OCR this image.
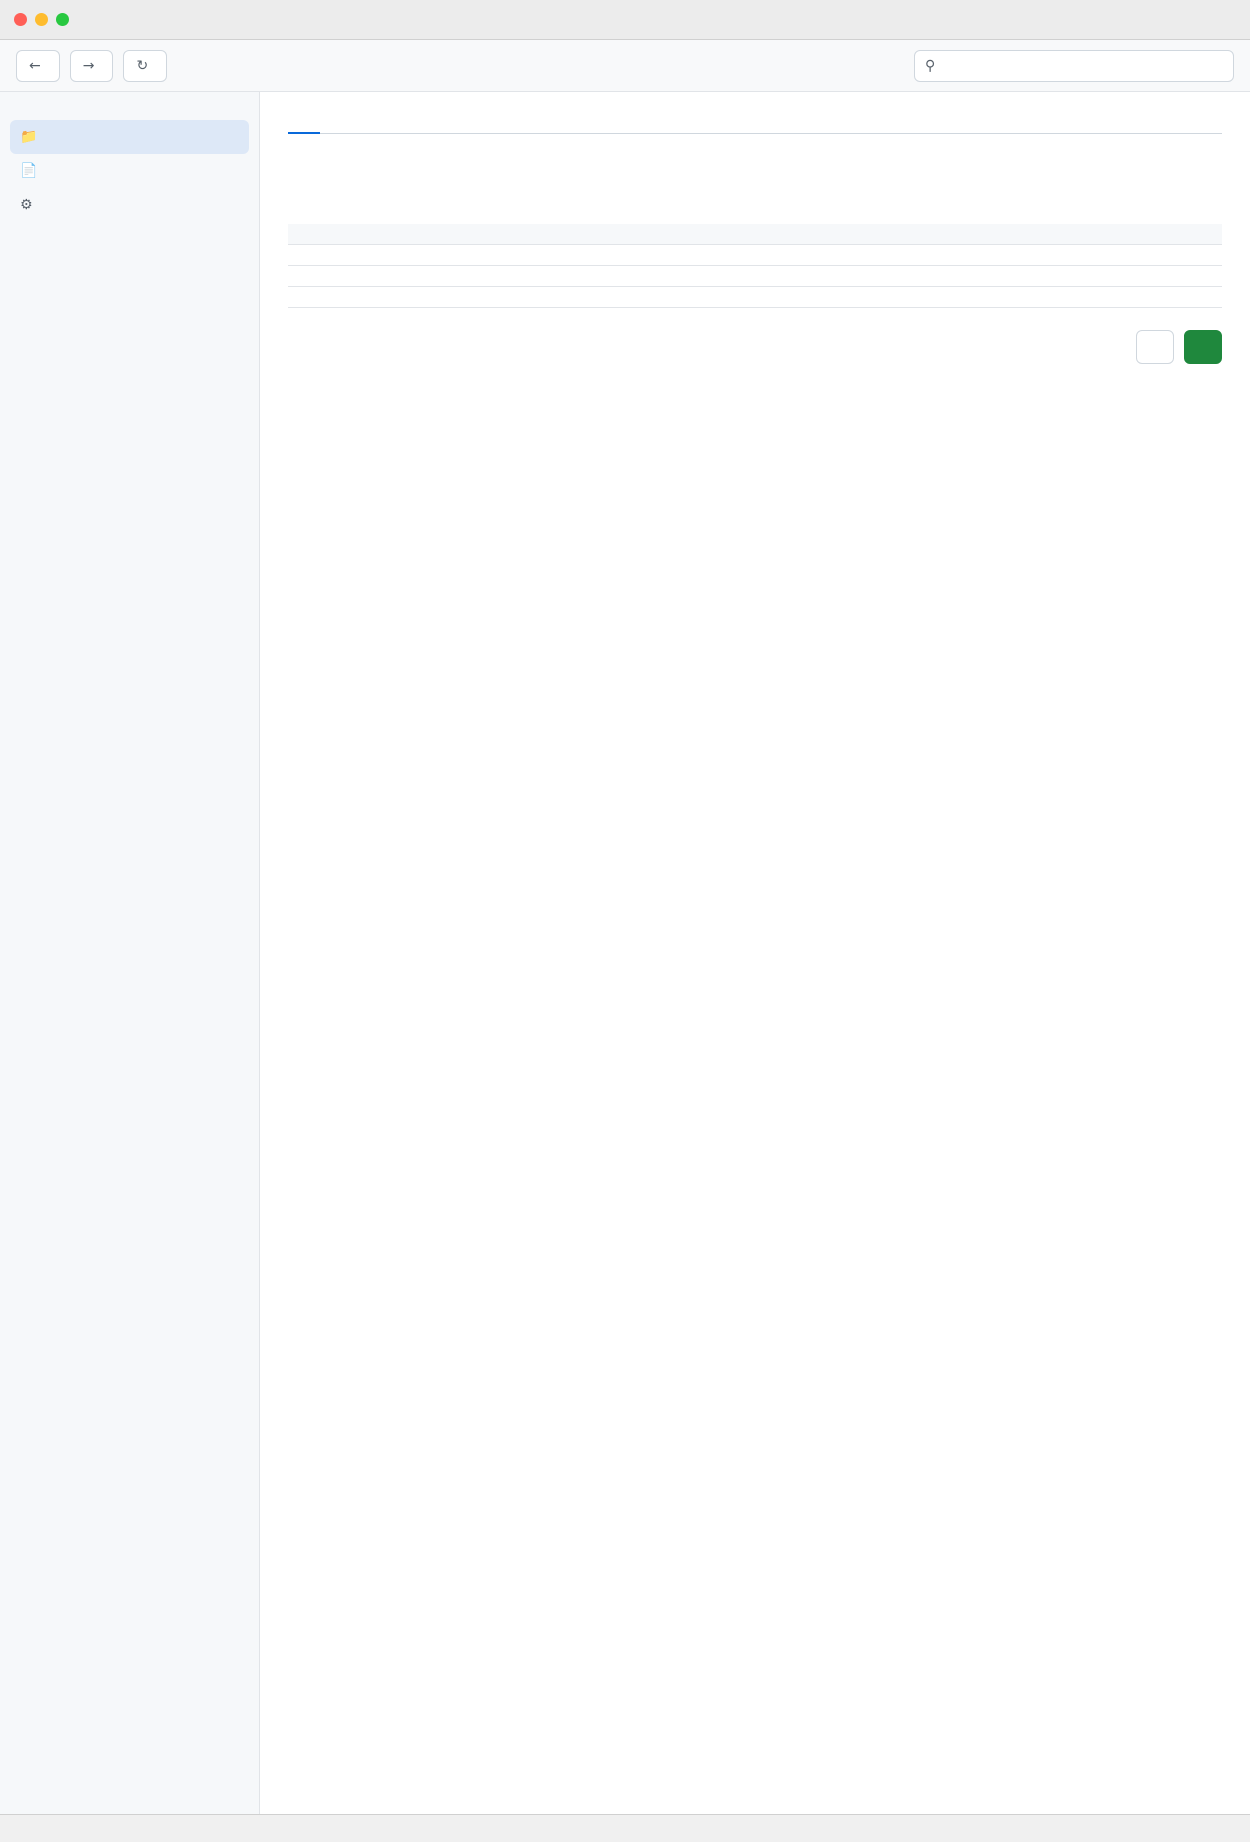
←	→	↻	⚲
📁
📄
⚙
